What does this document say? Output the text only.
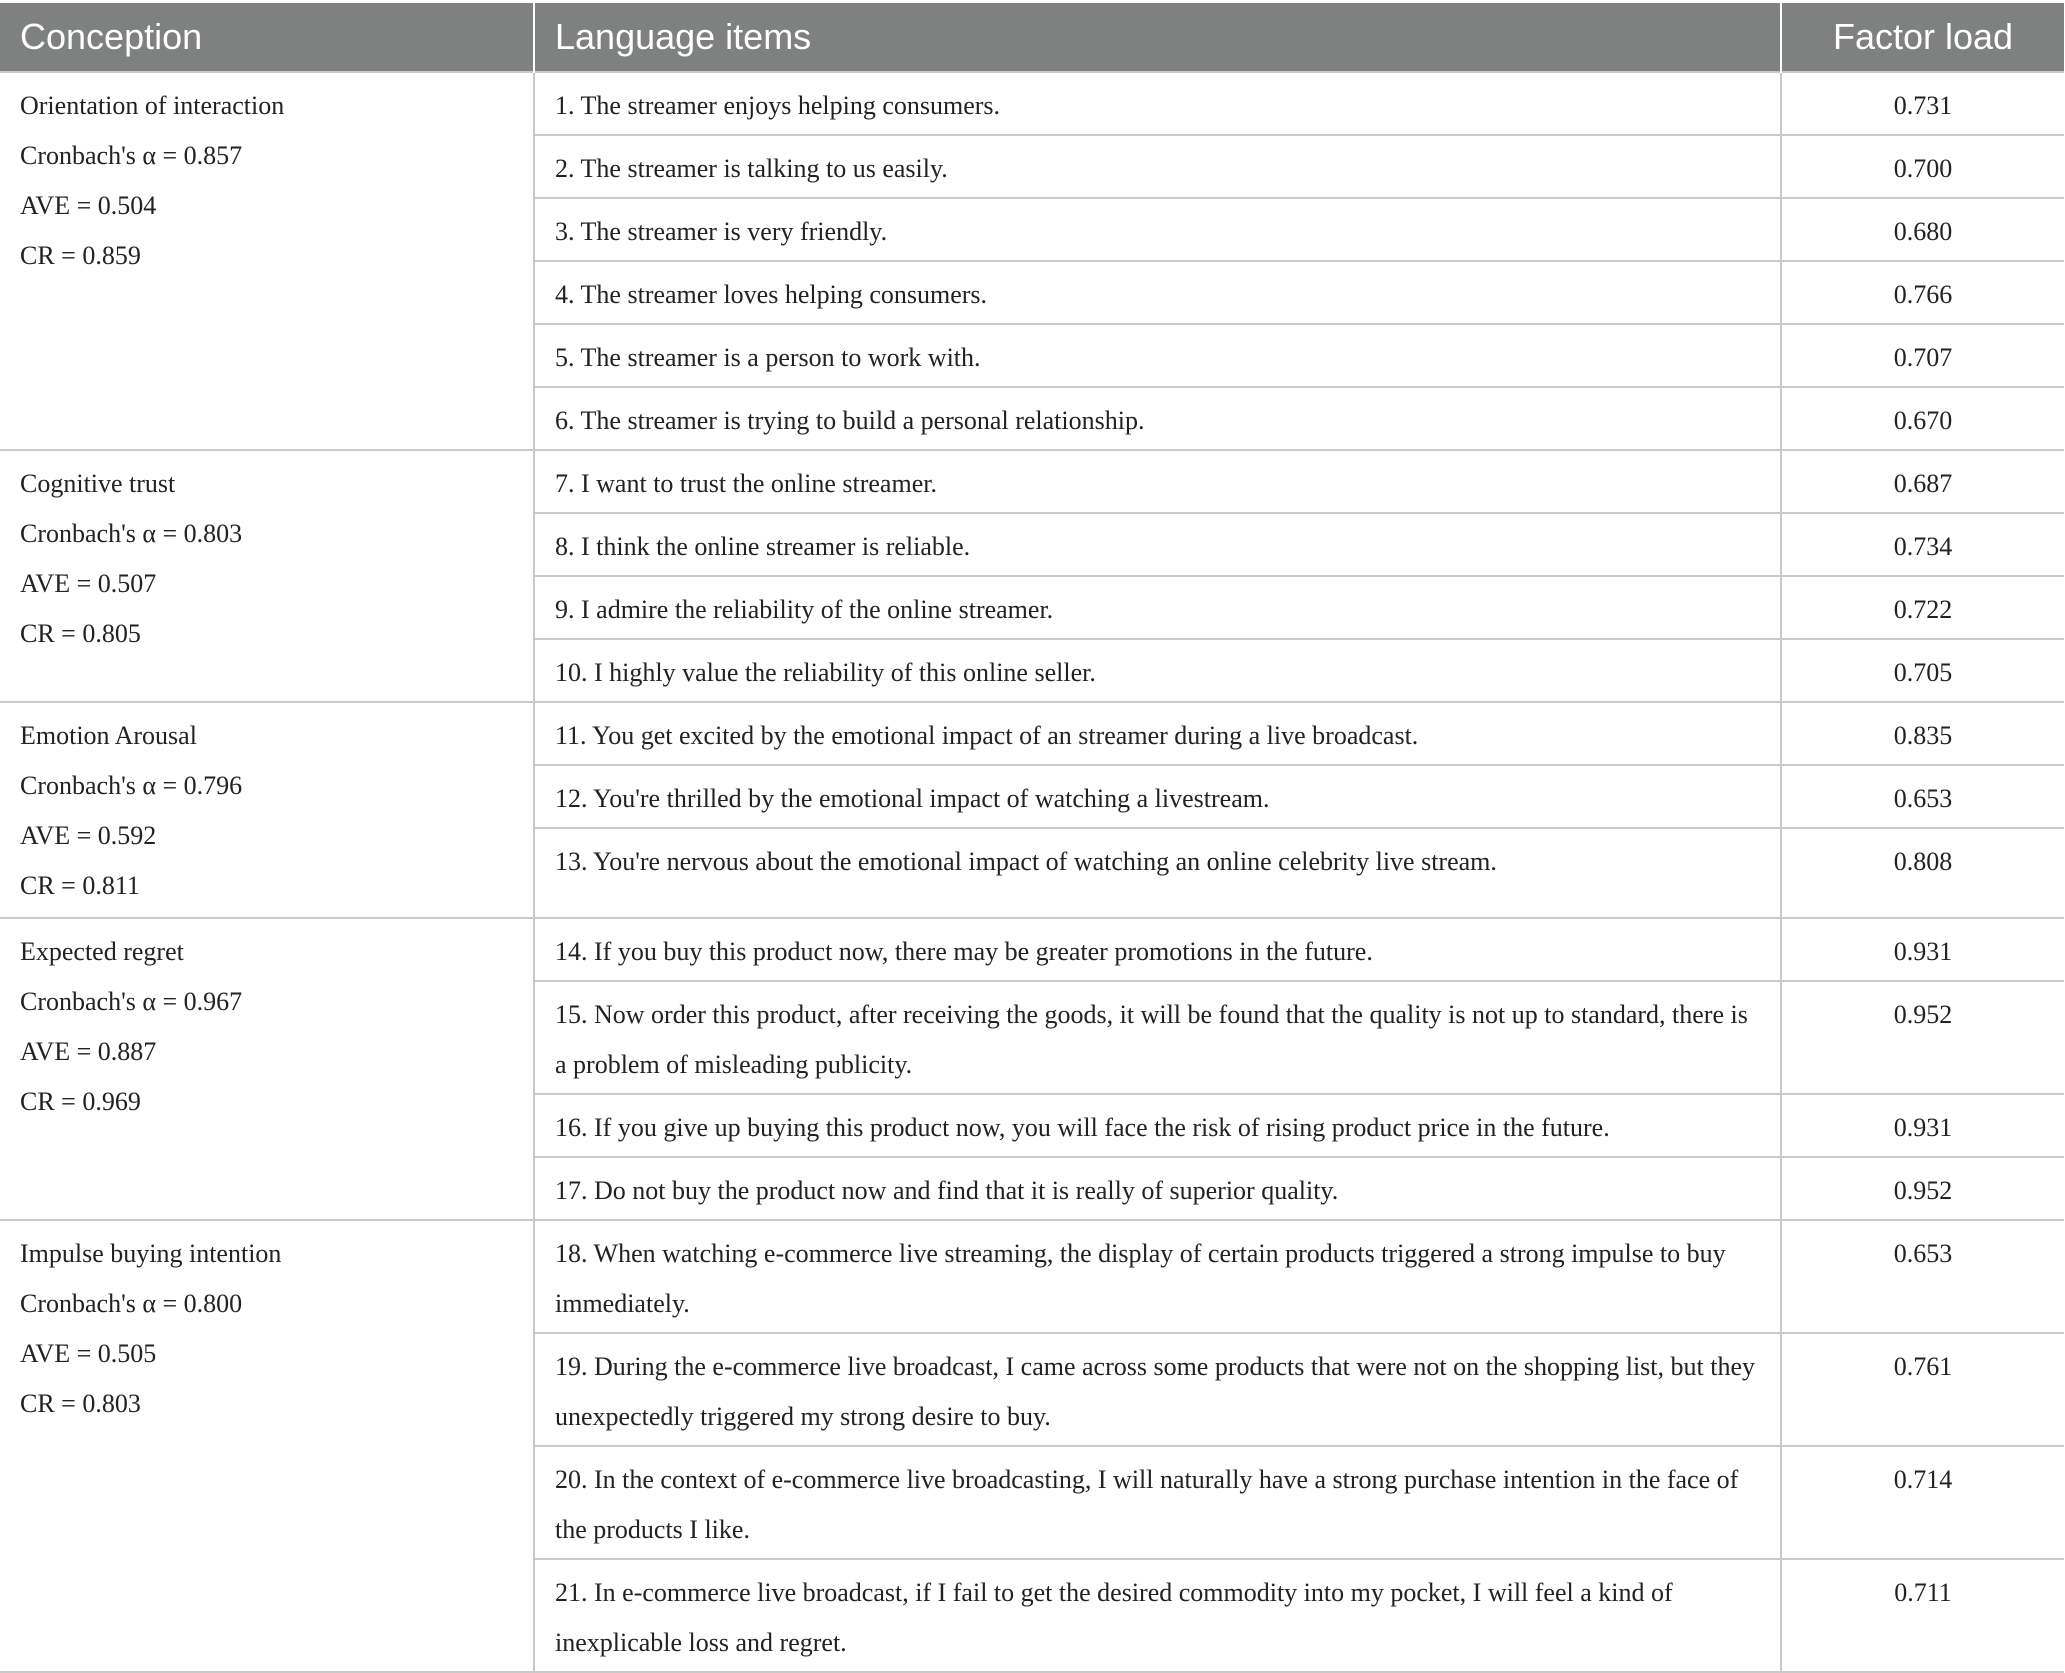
Conception	Language items	Factor load

Orientation of interaction
Cronbach's α = 0.857
AVE = 0.504
CR = 0.859	1. The streamer enjoys helping consumers.	0.731
	2. The streamer is talking to us easily.	0.700
	3. The streamer is very friendly.	0.680
	4. The streamer loves helping consumers.	0.766
	5. The streamer is a person to work with.	0.707
	6. The streamer is trying to build a personal relationship.	0.670

Cognitive trust
Cronbach's α = 0.803
AVE = 0.507
CR = 0.805	7. I want to trust the online streamer.	0.687
	8. I think the online streamer is reliable.	0.734
	9. I admire the reliability of the online streamer.	0.722
	10. I highly value the reliability of this online seller.	0.705

Emotion Arousal
Cronbach's α = 0.796
AVE = 0.592
CR = 0.811	11. You get excited by the emotional impact of an streamer during a live broadcast.	0.835
	12. You're thrilled by the emotional impact of watching a livestream.	0.653
	13. You're nervous about the emotional impact of watching an online celebrity live stream.	0.808

Expected regret
Cronbach's α = 0.967
AVE = 0.887
CR = 0.969	14. If you buy this product now, there may be greater promotions in the future.	0.931
	15. Now order this product, after receiving the goods, it will be found that the quality is not up to standard, there is a problem of misleading publicity.	0.952
	16. If you give up buying this product now, you will face the risk of rising product price in the future.	0.931
	17. Do not buy the product now and find that it is really of superior quality.	0.952

Impulse buying intention
Cronbach's α = 0.800
AVE = 0.505
CR = 0.803	18. When watching e-commerce live streaming, the display of certain products triggered a strong impulse to buy immediately.	0.653
	19. During the e-commerce live broadcast, I came across some products that were not on the shopping list, but they unexpectedly triggered my strong desire to buy.	0.761
	20. In the context of e-commerce live broadcasting, I will naturally have a strong purchase intention in the face of the products I like.	0.714
	21. In e-commerce live broadcast, if I fail to get the desired commodity into my pocket, I will feel a kind of inexplicable loss and regret.	0.711
